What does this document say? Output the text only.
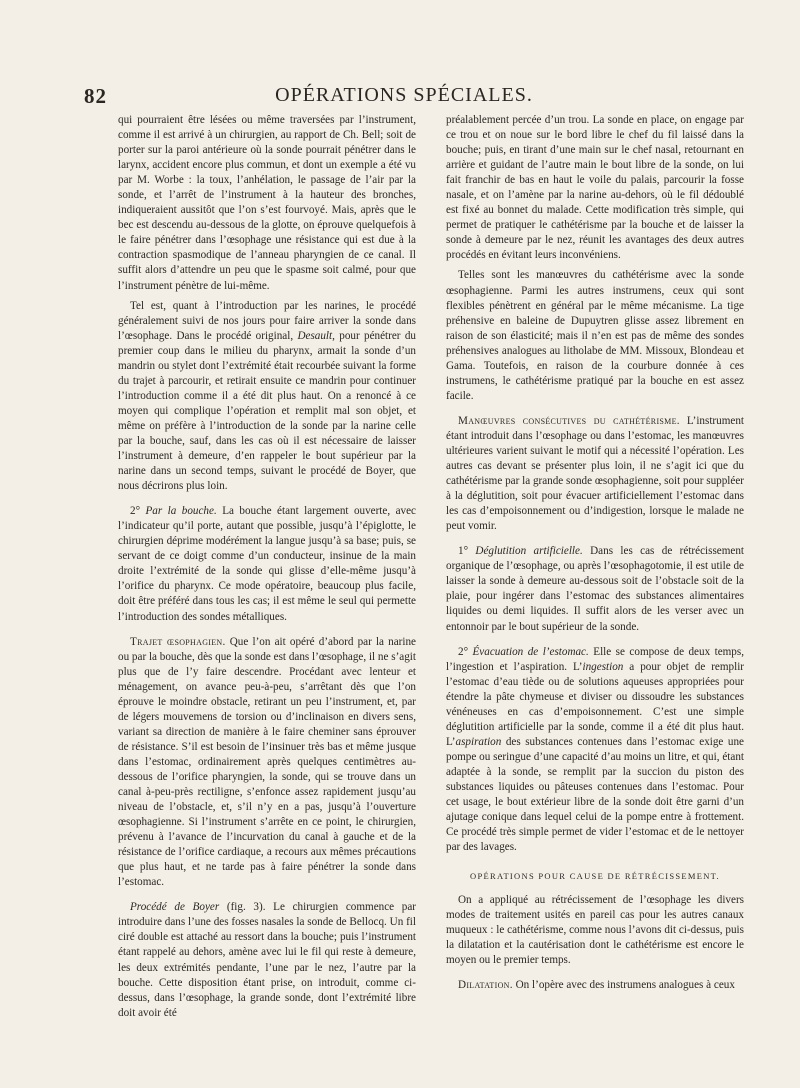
82	OPÉRATIONS SPÉCIALES.

qui pourraient être lésées ou même traversées par l’instrument, comme il est arrivé à un chirurgien, au rapport de Ch. Bell; soit de porter sur la paroi antérieure où la sonde pourrait pénétrer dans le larynx, accident encore plus commun, et dont un exemple a été vu par M. Worbe : la toux, l’anhélation, le passage de l’air par la sonde, et l’arrêt de l’instrument à la hauteur des bronches, indiqueraient aussitôt que l’on s’est fourvoyé. Mais, après que le bec est descendu au-dessous de la glotte, on éprouve quelquefois à le faire pénétrer dans l’œsophage une résistance qui est due à la contraction spasmodique de l’anneau pharyngien de ce canal. Il suffit alors d’attendre un peu que le spasme soit calmé, pour que l’instrument pénètre de lui-même.

Tel est, quant à l’introduction par les narines, le procédé généralement suivi de nos jours pour faire arriver la sonde dans l’œsophage. Dans le procédé original, Desault, pour pénétrer du premier coup dans le milieu du pharynx, armait la sonde d’un mandrin ou stylet dont l’extrémité était recourbée suivant la forme du trajet à parcourir, et retirait ensuite ce mandrin pour continuer l’introduction comme il a été dit plus haut. On a renoncé à ce moyen qui complique l’opération et remplit mal son objet, et même on préfère à l’introduction de la sonde par la narine celle par la bouche, sauf, dans les cas où il est nécessaire de laisser l’instrument à demeure, d’en rappeler le bout supérieur par la narine dans un second temps, suivant le procédé de Boyer, que nous décrirons plus loin.

2° Par la bouche. La bouche étant largement ouverte, avec l’indicateur qu’il porte, autant que possible, jusqu’à l’épiglotte, le chirurgien déprime modérément la langue jusqu’à sa base; puis, se servant de ce doigt comme d’un conducteur, insinue de la main droite l’extrémité de la sonde qui glisse d’elle-même jusqu’à l’orifice du pharynx. Ce mode opératoire, beaucoup plus facile, doit être préféré dans tous les cas; il est même le seul qui permette l’introduction des sondes métalliques.

Trajet œsophagien. Que l’on ait opéré d’abord par la narine ou par la bouche, dès que la sonde est dans l’œsophage, il ne s’agit plus que de l’y faire descendre. Procédant avec lenteur et ménagement, on avance peu-à-peu, s’arrêtant dès que l’on éprouve le moindre obstacle, retirant un peu l’instrument, et, par de légers mouvemens de torsion ou d’inclinaison en divers sens, variant sa direction de manière à le faire cheminer sans éprouver de résistance. S’il est besoin de l’insinuer très bas et même jusque dans l’estomac, ordinairement après quelques centimètres au-dessous de l’orifice pharyngien, la sonde, qui se trouve dans un canal à-peu-près rectiligne, s’enfonce assez rapidement jusqu’au niveau de l’obstacle, et, s’il n’y en a pas, jusqu’à l’ouverture œsophagienne. Si l’instrument s’arrête en ce point, le chirurgien, prévenu à l’avance de l’incurvation du canal à gauche et de la résistance de l’orifice cardiaque, a recours aux mêmes précautions que plus haut, et ne tarde pas à faire pénétrer la sonde dans l’estomac.

Procédé de Boyer (fig. 3). Le chirurgien commence par introduire dans l’une des fosses nasales la sonde de Bellocq. Un fil ciré double est attaché au ressort dans la bouche; puis l’instrument étant rappelé au dehors, amène avec lui le fil qui reste à demeure, les deux extrémités pendante, l’une par le nez, l’autre par la bouche. Cette disposition étant prise, on introduit, comme ci-dessus, dans l’œsophage, la grande sonde, dont l’extrémité libre doit avoir été

préalablement percée d’un trou. La sonde en place, on engage par ce trou et on noue sur le bord libre le chef du fil laissé dans la bouche; puis, en tirant d’une main sur le chef nasal, retournant en arrière et guidant de l’autre main le bout libre de la sonde, on lui fait franchir de bas en haut le voile du palais, parcourir la fosse nasale, et on l’amène par la narine au-dehors, où le fil dédoublé est fixé au bonnet du malade. Cette modification très simple, qui permet de pratiquer le cathétérisme par la bouche et de laisser la sonde à demeure par le nez, réunit les avantages des deux autres procédés en évitant leurs inconvéniens.

Telles sont les manœuvres du cathétérisme avec la sonde œsophagienne. Parmi les autres instrumens, ceux qui sont flexibles pénètrent en général par le même mécanisme. La tige préhensive en baleine de Dupuytren glisse assez librement en raison de son élasticité; mais il n’en est pas de même des sondes préhensives analogues au litholabe de MM. Missoux, Blondeau et Gama. Toutefois, en raison de la courbure donnée à ces instrumens, le cathétérisme pratiqué par la bouche en est assez facile.

Manœuvres consécutives du cathétérisme. L’instrument étant introduit dans l’œsophage ou dans l’estomac, les manœuvres ultérieures varient suivant le motif qui a nécessité l’opération. Les autres cas devant se présenter plus loin, il ne s’agit ici que du cathétérisme par la grande sonde œsophagienne, soit pour suppléer à la déglutition, soit pour évacuer artificiellement l’estomac dans les cas d’empoisonnement ou d’indigestion, lorsque le malade ne peut vomir.

1° Déglutition artificielle. Dans les cas de rétrécissement organique de l’œsophage, ou après l’œsophagotomie, il est utile de laisser la sonde à demeure au-dessous soit de l’obstacle soit de la plaie, pour ingérer dans l’estomac des substances alimentaires liquides ou demi liquides. Il suffit alors de les verser avec un entonnoir par le bout supérieur de la sonde.

2° Évacuation de l’estomac. Elle se compose de deux temps, l’ingestion et l’aspiration. L’ingestion a pour objet de remplir l’estomac d’eau tiède ou de solutions aqueuses appropriées pour étendre la pâte chymeuse et diviser ou dissoudre les substances vénéneuses en cas d’empoisonnement. C’est une simple déglutition artificielle par la sonde, comme il a été dit plus haut. L’aspiration des substances contenues dans l’estomac exige une pompe ou seringue d’une capacité d’au moins un litre, et qui, étant adaptée à la sonde, se remplit par la succion du piston des substances liquides ou pâteuses contenues dans l’estomac. Pour cet usage, le bout extérieur libre de la sonde doit être garni d’un ajutage conique dans lequel celui de la pompe entre à frottement. Ce procédé très simple permet de vider l’estomac et de le nettoyer par des lavages.

OPÉRATIONS POUR CAUSE DE RÉTRÉCISSEMENT.

On a appliqué au rétrécissement de l’œsophage les divers modes de traitement usités en pareil cas pour les autres canaux muqueux : le cathétérisme, comme nous l’avons dit ci-dessus, puis la dilatation et la cautérisation dont le cathétérisme est encore le moyen ou le premier temps.

Dilatation. On l’opère avec des instrumens analogues à ceux
